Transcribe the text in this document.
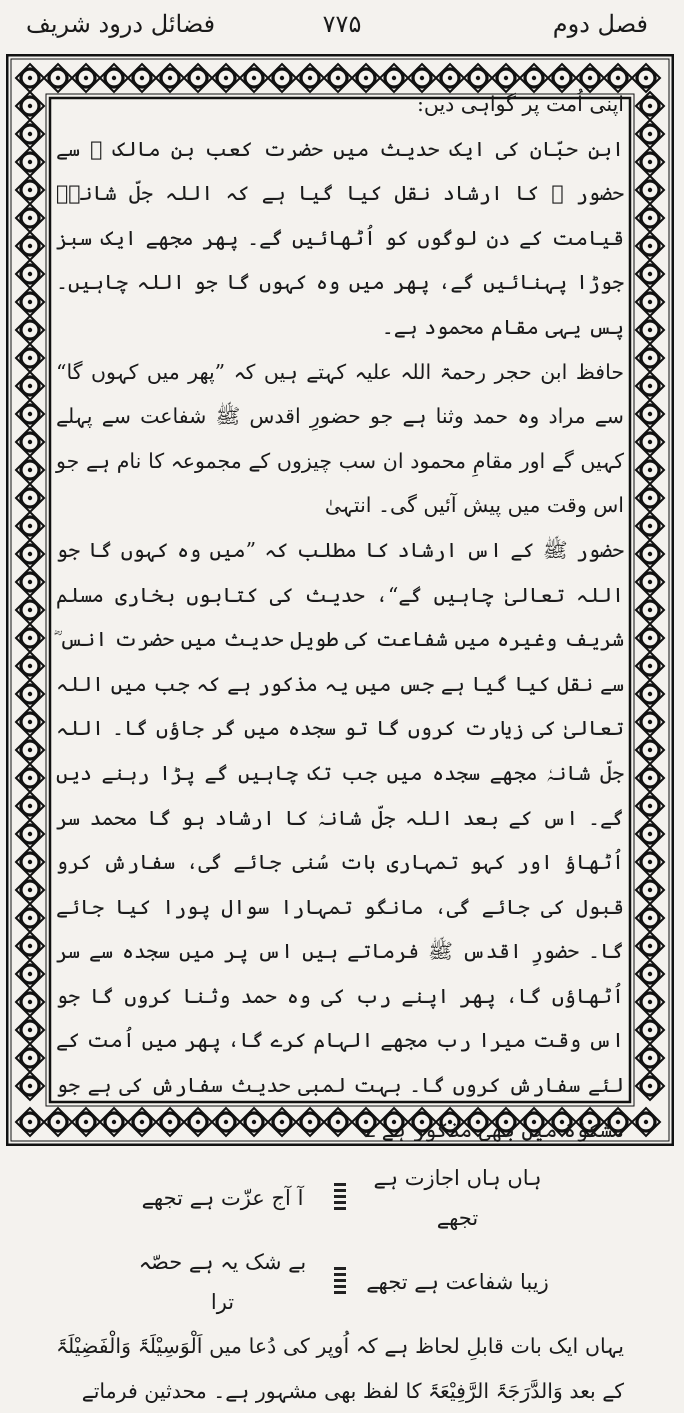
فصل دوم
۷۷۵
فضائل درود شریف

اپنی اُمت پر گواہی دیں:

ابنِ حبّان کی ایک حدیث میں حضرت کعب بن مالک ؓ سے حضور ﷺ کا ارشاد نقل کیا گیا ہے کہ اللہ جلّ شانہٗ قیامت کے دن لوگوں کو اُٹھائیں گے۔ پھر مجھے ایک سبز جوڑا پہنائیں گے، پھر میں وہ کہوں گا جو اللہ چاہیں۔ پس یہی مقام محمود ہے۔

حافظ ابن حجر رحمۃ اللہ علیہ کہتے ہیں کہ ”پھر میں کہوں گا“ سے مراد وہ حمد وثنا ہے جو حضورِ اقدس ﷺ شفاعت سے پہلے کہیں گے اور مقامِ محمود ان سب چیزوں کے مجموعہ کا نام ہے جو اس وقت میں پیش آئیں گی۔ انتہیٰ

حضور ﷺ کے اس ارشاد کا مطلب کہ ”میں وہ کہوں گا جو اللہ تعالیٰ چاہیں گے“، حدیث کی کتابوں بخاری مسلم شریف وغیرہ میں شفاعت کی طویل حدیث میں حضرت انس ؓ سے نقل کیا گیا ہے جس میں یہ مذکور ہے کہ جب میں اللہ تعالیٰ کی زیارت کروں گا تو سجدہ میں گر جاؤں گا۔ اللہ جلّ شانہٗ مجھے سجدہ میں جب تک چاہیں گے پڑا رہنے دیں گے۔ اس کے بعد اللہ جلّ شانہٗ کا ارشاد ہو گا محمد سر اُٹھاؤ اور کہو تمہاری بات سُنی جائے گی، سفارش کرو قبول کی جائے گی، مانگو تمہارا سوال پورا کیا جائے گا۔ حضورِ اقدس ﷺ فرماتے ہیں اس پر میں سجدہ سے سر اُٹھاؤں گا، پھر اپنے رب کی وہ حمد وثنا کروں گا جو اس وقت میرا رب مجھے الہام کرے گا، پھر میں اُمت کے لئے سفارش کروں گا۔ بہت لمبی حدیث سفارش کی ہے جو مشکوٰۃ میں بھی مذکور ہے ؎

ہاں ہاں اجازت ہے تجھے
آ آج عزّت ہے تجھے
زیبا شفاعت ہے تجھے
بے شک یہ ہے حصّہ ترا

یہاں ایک بات قابلِ لحاظ ہے کہ اُوپر کی دُعا میں اَلْوَسِیْلَۃَ وَالْفَضِیْلَۃَ کے بعد وَالدَّرَجَۃَ الرَّفِیْعَۃَ کا لفظ بھی مشہور ہے۔ محدثین فرماتے
